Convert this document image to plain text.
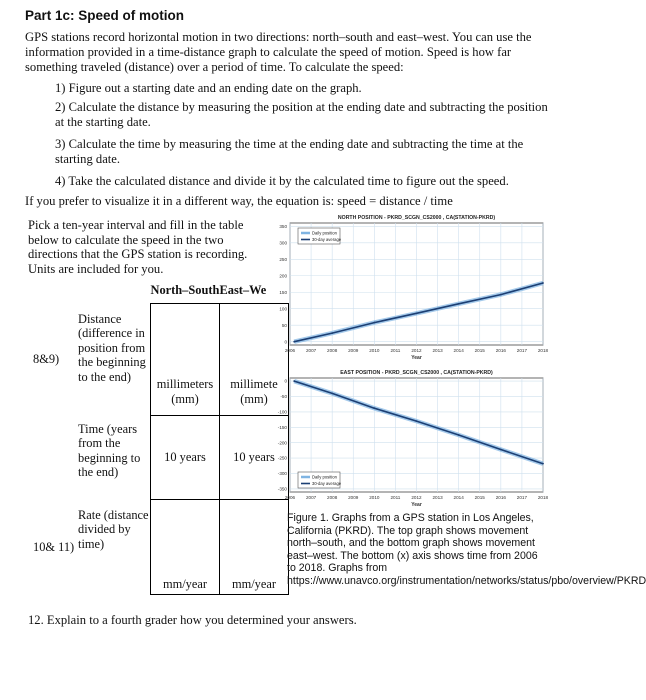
Part 1c: Speed of motion
GPS stations record horizontal motion in two directions: north–south and east–west. You can use the information provided in a time-distance graph to calculate the speed of motion. Speed is how far something traveled (distance) over a period of time. To calculate the speed:
1) Figure out a starting date and an ending date on the graph.
2) Calculate the distance by measuring the position at the ending date and subtracting the position at the starting date.
3) Calculate the time by measuring the time at the ending date and subtracting the time at the starting date.
4) Take the calculated distance and divide it by the calculated time to figure out the speed.
If you prefer to visualize it in a different way, the equation is: speed = distance / time
Pick a ten-year interval and fill in the table below to calculate the speed in the two directions that the GPS station is recording. Units are included for you.
		North–South	East–We
8&9)	Distance (difference in position from the beginning to the end)	millimeters (mm)	millimete (mm)
	Time (years from the beginning to the end)	10 years	10 years
10& 11)	Rate (distance divided by time)	mm/year	mm/year
NORTH POSITION - PKRD_SCGN_CS2000 , CA(STATION-PKRD)
2006 2007 2008 2009 2010 2011 2012 2013 2014 2015 2016 2017 2018
0
50
100
150
200
250
300
350
Year
Daily position
30-day average
EAST POSITION - PKRD_SCGN_CS2000 , CA(STATION-PKRD)
2006 2007 2008 2009 2010 2011 2012 2013 2014 2015 2016 2017 2018
0
-50
-100
-150
-200
-250
-300
-350
Year
Daily position
30-day average
Figure 1. Graphs from a GPS station in Los Angeles, California (PKRD). The top graph shows movement north–south, and the bottom graph shows movement east–west. The bottom (x) axis shows time from 2006 to 2018. Graphs from https://www.unavco.org/instrumentation/networks/status/pbo/overview/PKRD
12. Explain to a fourth grader how you determined your answers.
